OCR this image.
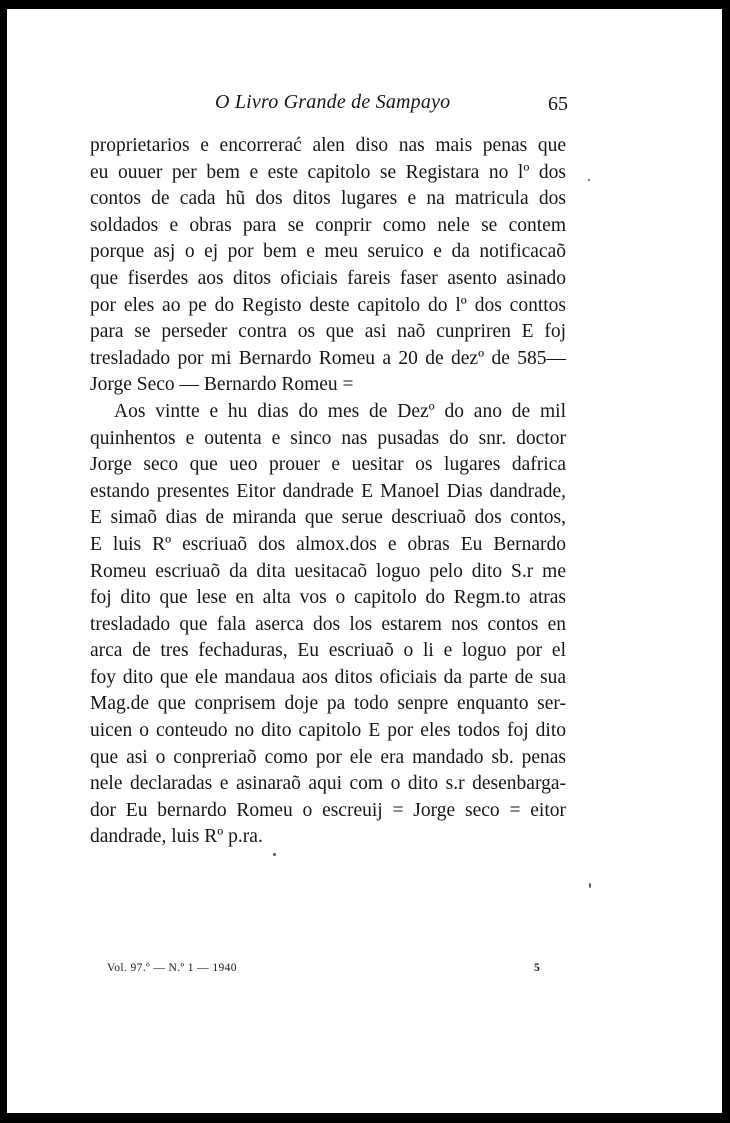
O Livro Grande de Sampayo	65

proprietarios e encorrerać alen diso nas mais penas que

eu ouuer per bem e este capitolo se Registara no lº dos

contos de cada hũ dos ditos lugares e na matricula dos

soldados e obras para se conprir como nele se contem

porque asj o ej por bem e meu seruico e da notificacaõ

que fiserdes aos ditos oficiais fareis faser asento asinado

por eles ao pe do Registo deste capitolo do lº dos conttos

para se perseder contra os que asi naõ cunpriren E foj

tresladado por mi Bernardo Romeu a 20 de dezº de 585—

Jorge Seco — Bernardo Romeu =

Aos vintte e hu dias do mes de Dezº do ano de mil

quinhentos e outenta e sinco nas pusadas do snr. doctor

Jorge seco que ueo prouer e uesitar os lugares dafrica

estando presentes Eitor dandrade E Manoel Dias dandrade,

E simaõ dias de miranda que serue descriuaõ dos contos,

E luis Rº escriuaõ dos almox.dos e obras Eu Bernardo

Romeu escriuaõ da dita uesitacaõ loguo pelo dito S.r me

foj dito que lese en alta vos o capitolo do Regm.to atras

tresladado que fala aserca dos los estarem nos contos en

arca de tres fechaduras, Eu escriuaõ o li e loguo por el

foy dito que ele mandaua aos ditos oficiais da parte de sua

Mag.de que conprisem doje pa todo senpre enquanto ser-

uicen o conteudo no dito capitolo E por eles todos foj dito

que asi o conpreriaõ como por ele era mandado sb. penas

nele declaradas e asinaraõ aqui com o dito s.r desenbarga-

dor Eu bernardo Romeu o escreuij = Jorge seco = eitor

dandrade, luis Rº p.ra.

Vol. 97.º — N.º 1 — 1940	5
